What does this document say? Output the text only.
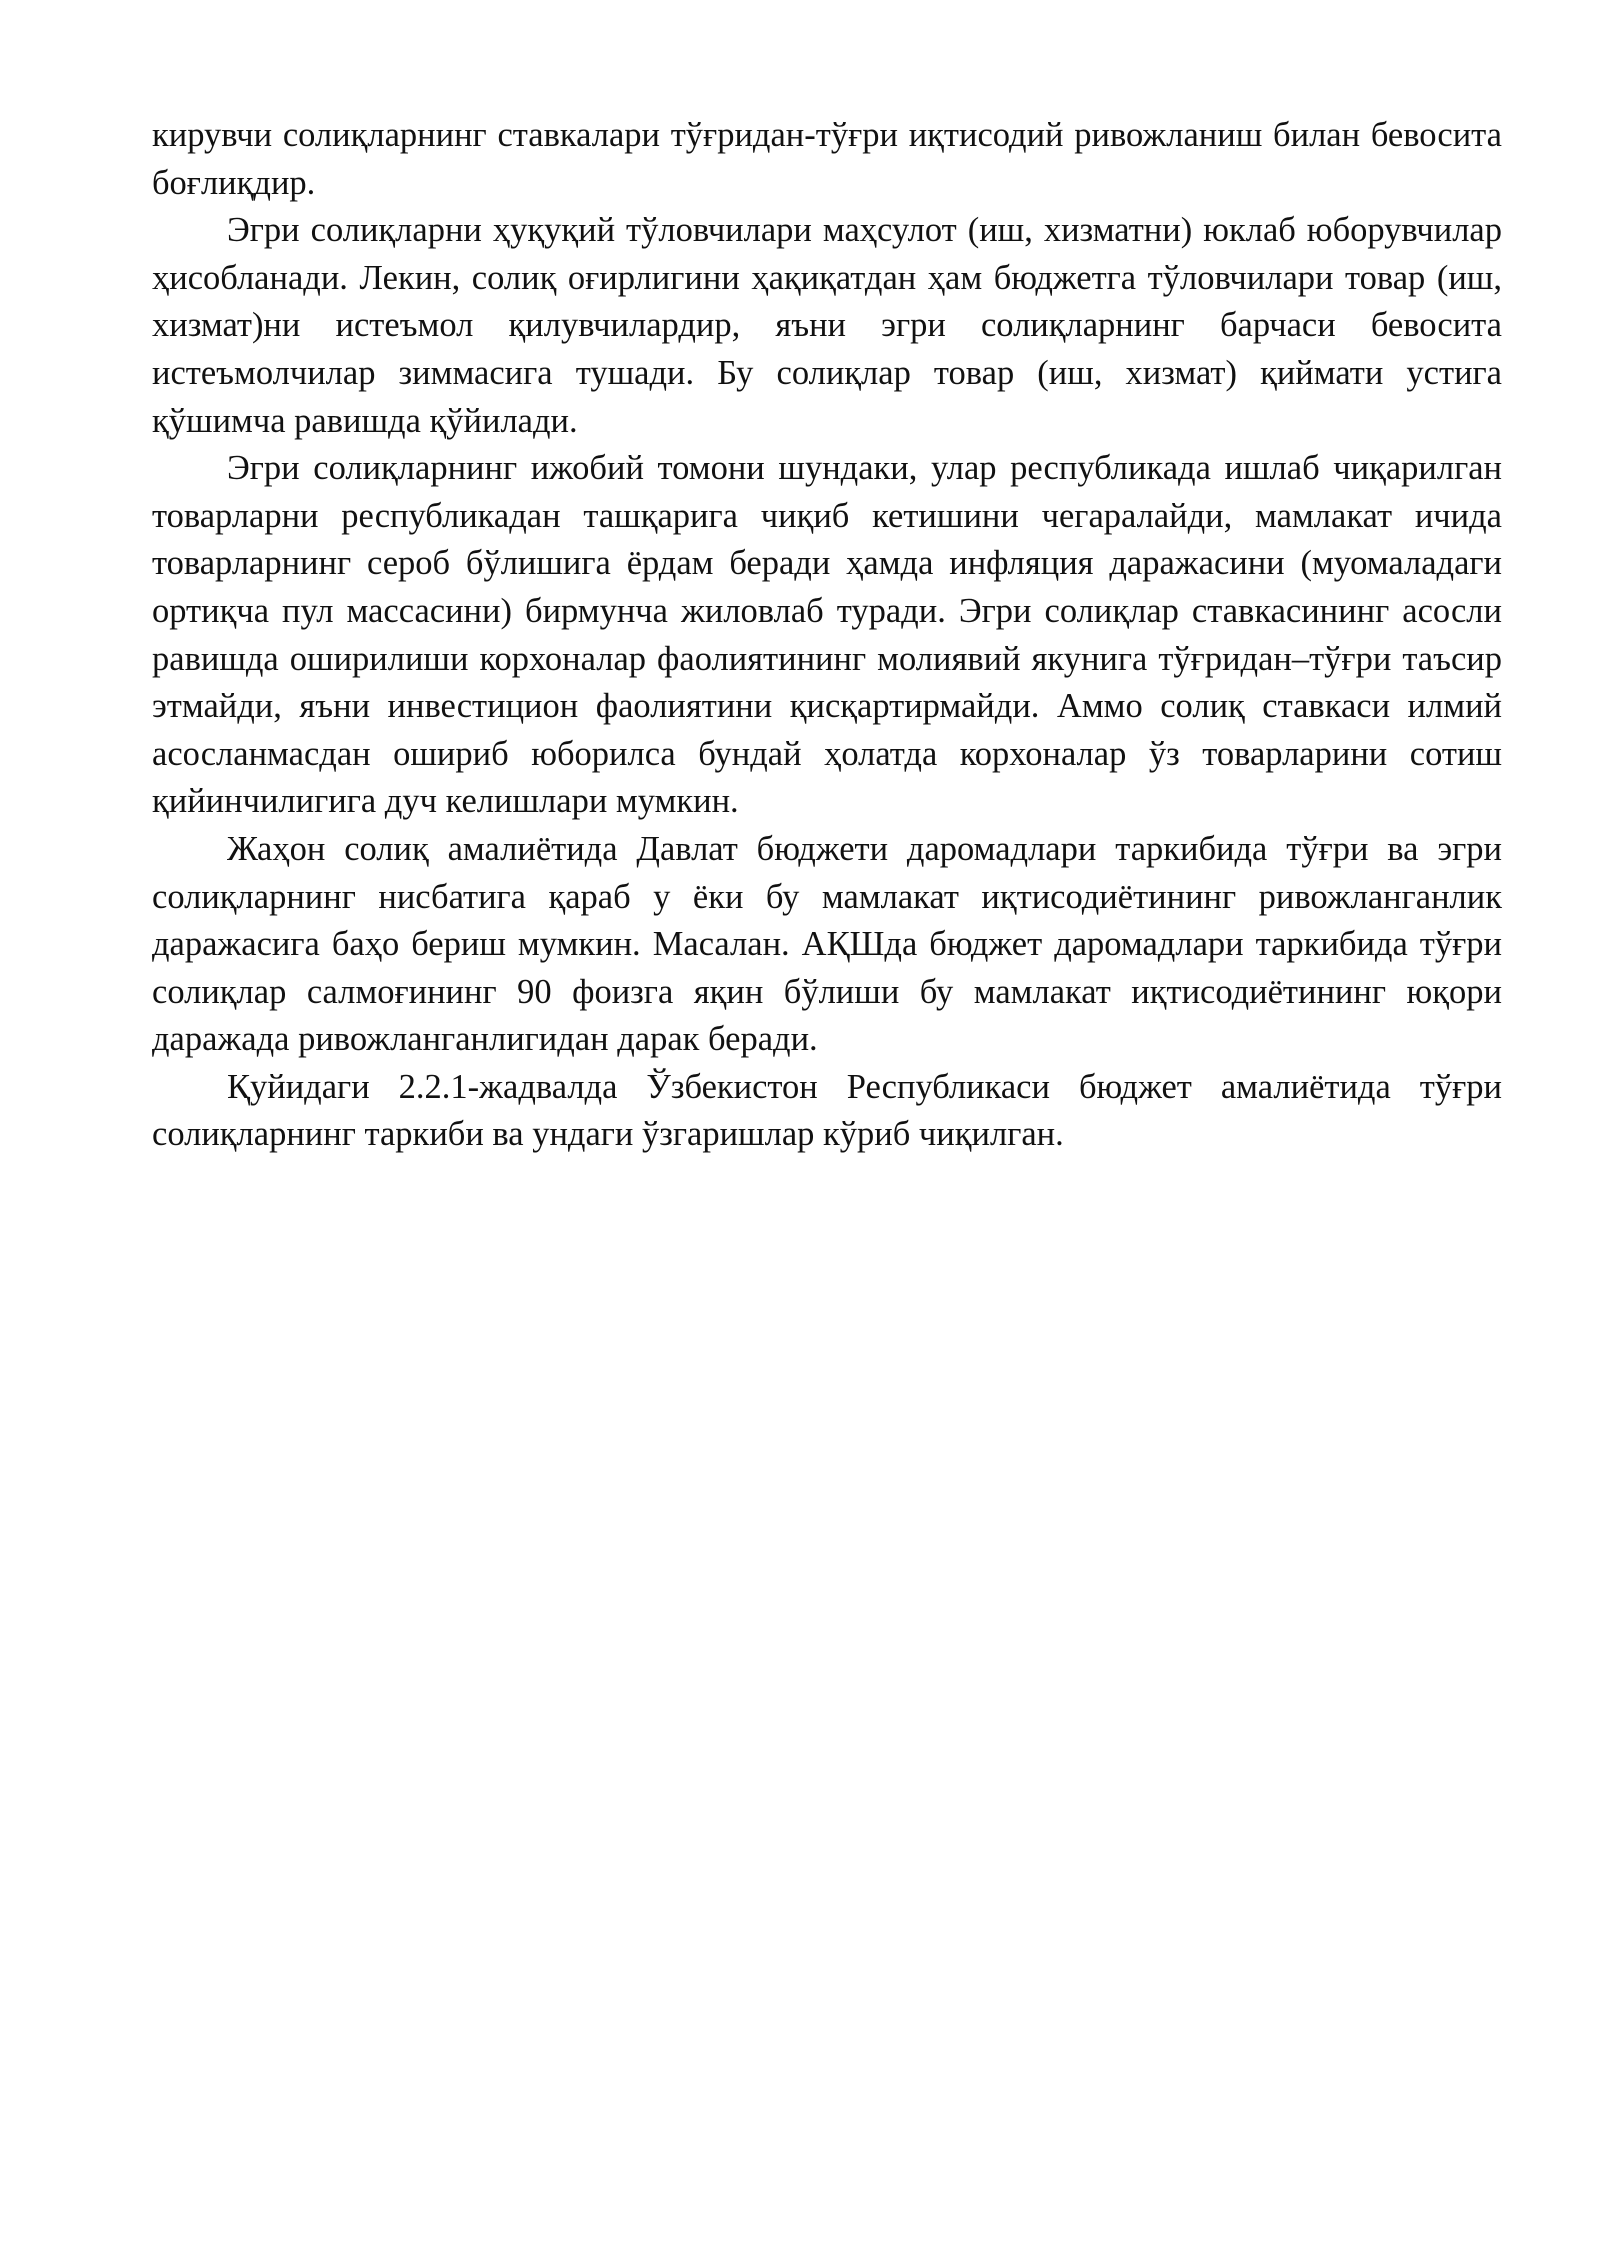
кирувчи солиқларнинг ставкалари тўғридан-тўғри иқтисодий ривожланиш билан бевосита боғлиқдир.

Эгри солиқларни ҳуқуқий тўловчилари маҳсулот (иш, хизматни) юклаб юборувчилар ҳисобланади. Лекин, солиқ оғирлигини ҳақиқатдан ҳам бюджетга тўловчилари товар (иш, хизмат)ни истеъмол қилувчилардир, яъни эгри солиқларнинг барчаси бевосита истеъмолчилар зиммасига тушади. Бу солиқлар товар (иш, хизмат) қиймати устига қўшимча равишда қўйилади.

Эгри солиқларнинг ижобий томони шундаки, улар республикада ишлаб чиқарилган товарларни республикадан ташқарига чиқиб кетишини чегаралайди, мамлакат ичида товарларнинг сероб бўлишига ёрдам беради ҳамда инфляция даражасини (муомаладаги ортиқча пул массасини) бирмунча жиловлаб туради. Эгри солиқлар ставкасининг асосли равишда оширилиши корхоналар фаолиятининг молиявий якунига тўғридан–тўғри таъсир этмайди, яъни инвестицион фаолиятини қисқартирмайди. Аммо солиқ ставкаси илмий асосланмасдан ошириб юборилса бундай ҳолатда корхоналар ўз товарларини сотиш қийинчилигига дуч келишлари мумкин.

Жаҳон солиқ амалиётида Давлат бюджети даромадлари таркибида тўғри ва эгри солиқларнинг нисбатига қараб у ёки бу мамлакат иқтисодиётининг ривожланганлик даражасига баҳо бериш мумкин. Масалан. АҚШда бюджет даромадлари таркибида тўғри солиқлар салмоғининг 90 фоизга яқин бўлиши бу мамлакат иқтисодиётининг юқори даражада ривожланганлигидан дарак беради.

Қуйидаги 2.2.1-жадвалда Ўзбекистон Республикаси бюджет амалиётида тўғри солиқларнинг таркиби ва ундаги ўзгаришлар кўриб чиқилган.
